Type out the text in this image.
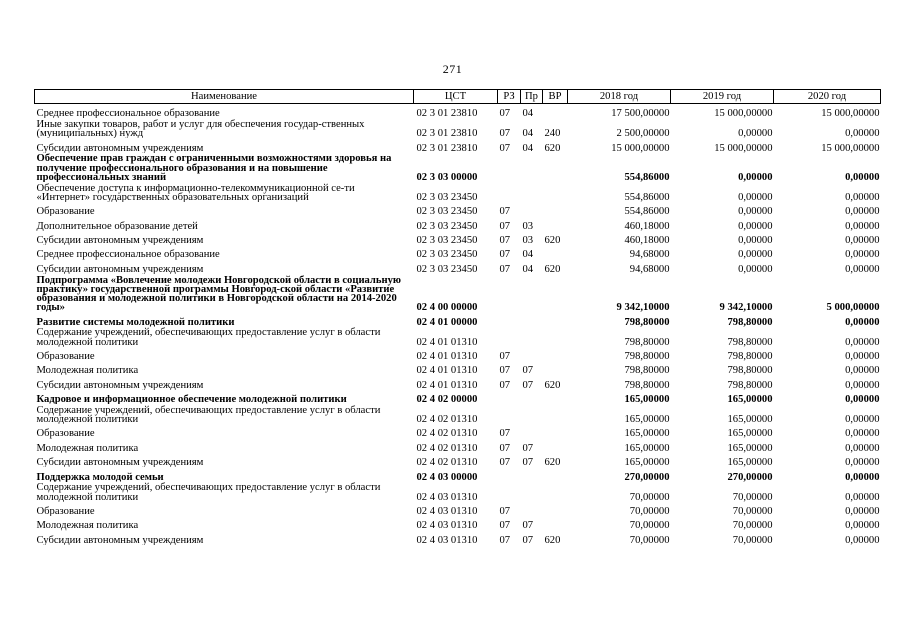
271
Наименование	ЦСТ	РЗ	Пр	ВР	2018 год	2019 год	2020 год
Среднее профессиональное образование	02 3 01 23810	07	04		17 500,00000	15 000,00000	15 000,00000
Иные закупки товаров, работ и услуг для обеспечения государ-ственных (муниципальных) нужд	02 3 01 23810	07	04	240	2 500,00000	0,00000	0,00000
Субсидии автономным учреждениям	02 3 01 23810	07	04	620	15 000,00000	15 000,00000	15 000,00000
Обеспечение прав граждан с ограниченными возможностями здоровья на получение профессионального образования и на повышение профессиональных знаний	02 3 03 00000				554,86000	0,00000	0,00000
Обеспечение доступа к информационно-телекоммуникационной се-ти «Интернет» государственных образовательных организаций	02 3 03 23450				554,86000	0,00000	0,00000
Образование	02 3 03 23450	07			554,86000	0,00000	0,00000
Дополнительное образование детей	02 3 03 23450	07	03		460,18000	0,00000	0,00000
Субсидии автономным учреждениям	02 3 03 23450	07	03	620	460,18000	0,00000	0,00000
Среднее профессиональное образование	02 3 03 23450	07	04		94,68000	0,00000	0,00000
Субсидии автономным учреждениям	02 3 03 23450	07	04	620	94,68000	0,00000	0,00000
Подпрограмма «Вовлечение молодежи Новгородской области в социальную практику» государственной программы Новгород-ской области «Развитие образования и молодежной политики в Новгородской области на 2014-2020 годы»	02 4 00 00000				9 342,10000	9 342,10000	5 000,00000
Развитие системы молодежной политики	02 4 01 00000				798,80000	798,80000	0,00000
Содержание учреждений, обеспечивающих предоставление услуг в области молодежной политики	02 4 01 01310				798,80000	798,80000	0,00000
Образование	02 4 01 01310	07			798,80000	798,80000	0,00000
Молодежная политика	02 4 01 01310	07	07		798,80000	798,80000	0,00000
Субсидии автономным учреждениям	02 4 01 01310	07	07	620	798,80000	798,80000	0,00000
Кадровое и информационное обеспечение молодежной политики	02 4 02 00000				165,00000	165,00000	0,00000
Содержание учреждений, обеспечивающих предоставление услуг в области молодежной политики	02 4 02 01310				165,00000	165,00000	0,00000
Образование	02 4 02 01310	07			165,00000	165,00000	0,00000
Молодежная политика	02 4 02 01310	07	07		165,00000	165,00000	0,00000
Субсидии автономным учреждениям	02 4 02 01310	07	07	620	165,00000	165,00000	0,00000
Поддержка молодой семьи	02 4 03 00000				270,00000	270,00000	0,00000
Содержание учреждений, обеспечивающих предоставление услуг в области молодежной политики	02 4 03 01310				70,00000	70,00000	0,00000
Образование	02 4 03 01310	07			70,00000	70,00000	0,00000
Молодежная политика	02 4 03 01310	07	07		70,00000	70,00000	0,00000
Субсидии автономным учреждениям	02 4 03 01310	07	07	620	70,00000	70,00000	0,00000
